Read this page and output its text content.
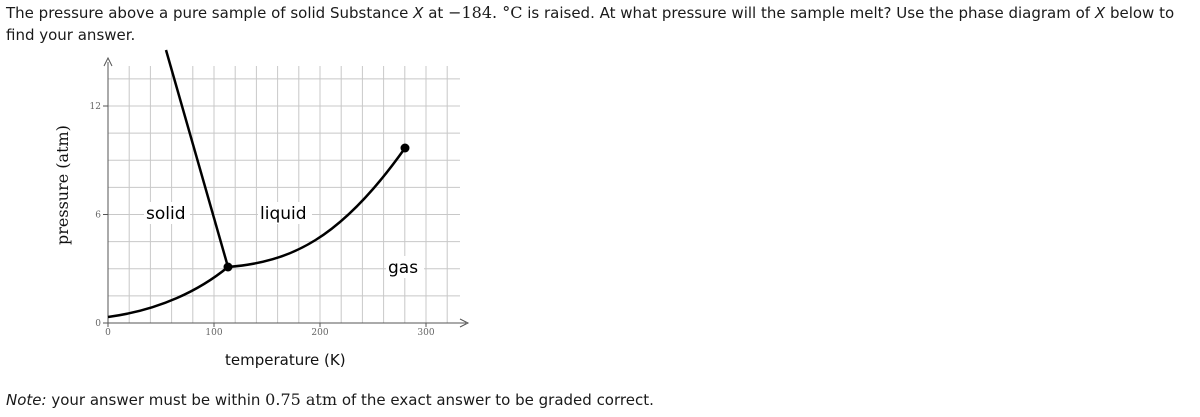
The pressure above a pure sample of solid Substance X at −184. °C is raised. At what pressure will the sample melt? Use the phase diagram of X below to find your answer.
0
6
12
0	100	200	300
solid	liquid
gas
pressure (atm)
temperature (K)
Note: your answer must be within 0.75 atm of the exact answer to be graded correct.
